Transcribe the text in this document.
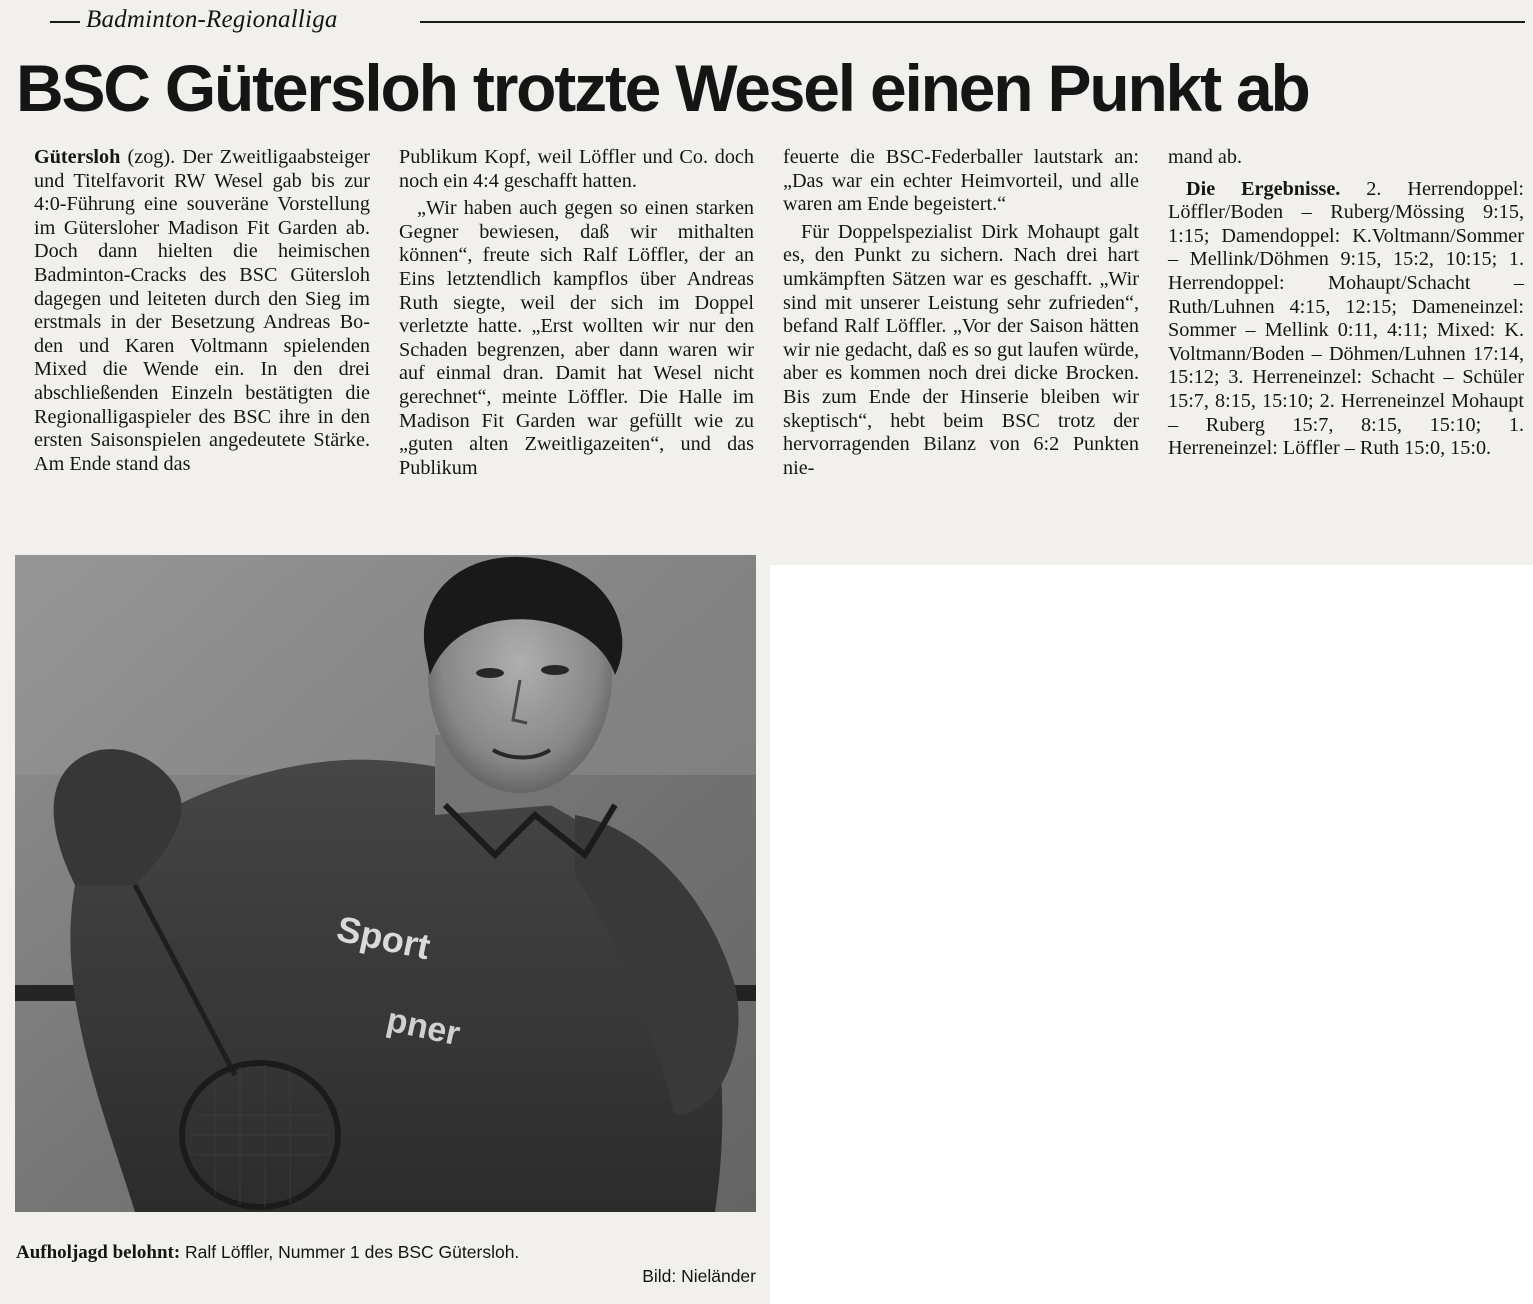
Badminton-Regionalliga
BSC Gütersloh trotzte Wesel einen Punkt ab

Gütersloh (zog). Der Zweitligaabsteiger und Titelfavorit RW Wesel gab bis zur 4:0-Führung eine souveräne Vorstellung im Gütersloher Madison Fit Garden ab. Doch dann hielten die heimischen Badminton-Cracks des BSC Gütersloh dagegen und leiteten durch den Sieg im erstmals in der Besetzung Andreas Boden und Karen Voltmann spielenden Mixed die Wende ein. In den drei abschließenden Einzeln bestätigten die Regionalligaspieler des BSC ihre in den ersten Saisonspielen angedeutete Stärke. Am Ende stand das

Publikum Kopf, weil Löffler und Co. doch noch ein 4:4 geschafft hatten.

„Wir haben auch gegen so einen starken Gegner bewiesen, daß wir mithalten können“, freute sich Ralf Löffler, der an Eins letztendlich kampflos über Andreas Ruth siegte, weil der sich im Doppel verletzte hatte. „Erst wollten wir nur den Schaden begrenzen, aber dann waren wir auf einmal dran. Damit hat Wesel nicht gerechnet“, meinte Löffler. Die Halle im Madison Fit Garden war gefüllt wie zu „guten alten Zweitligazeiten“, und das Publikum

feuerte die BSC-Federballer lautstark an: „Das war ein echter Heimvorteil, und alle waren am Ende begeistert.“

Für Doppelspezialist Dirk Mohaupt galt es, den Punkt zu sichern. Nach drei hart umkämpften Sätzen war es geschafft. „Wir sind mit unserer Leistung sehr zufrieden“, befand Ralf Löffler. „Vor der Saison hätten wir nie gedacht, daß es so gut laufen würde, aber es kommen noch drei dicke Brocken. Bis zum Ende der Hinserie bleiben wir skeptisch“, hebt beim BSC trotz der hervorragenden Bilanz von 6:2 Punkten nie-

mand ab.

Die Ergebnisse. 2. Herrendoppel: Löffler/Boden – Ruberg/Mössing 9:15, 1:15; Damendoppel: K.Voltmann/Sommer – Mellink/Döhmen 9:15, 15:2, 10:15; 1. Herrendoppel: Mohaupt/Schacht – Ruth/Luhnen 4:15, 12:15; Dameneinzel: Sommer – Mellink 0:11, 4:11; Mixed: K. Voltmann/Boden – Döhmen/Luhnen 17:14, 15:12; 3. Herreneinzel: Schacht – Schüler 15:7, 8:15, 15:10; 2. Herreneinzel Mohaupt – Ruberg 15:7, 8:15, 15:10; 1. Herreneinzel: Löffler – Ruth 15:0, 15:0.

Sport
pner
Aufholjagd belohnt: Ralf Löffler, Nummer 1 des BSC Gütersloh.
Bild: Nieländer
